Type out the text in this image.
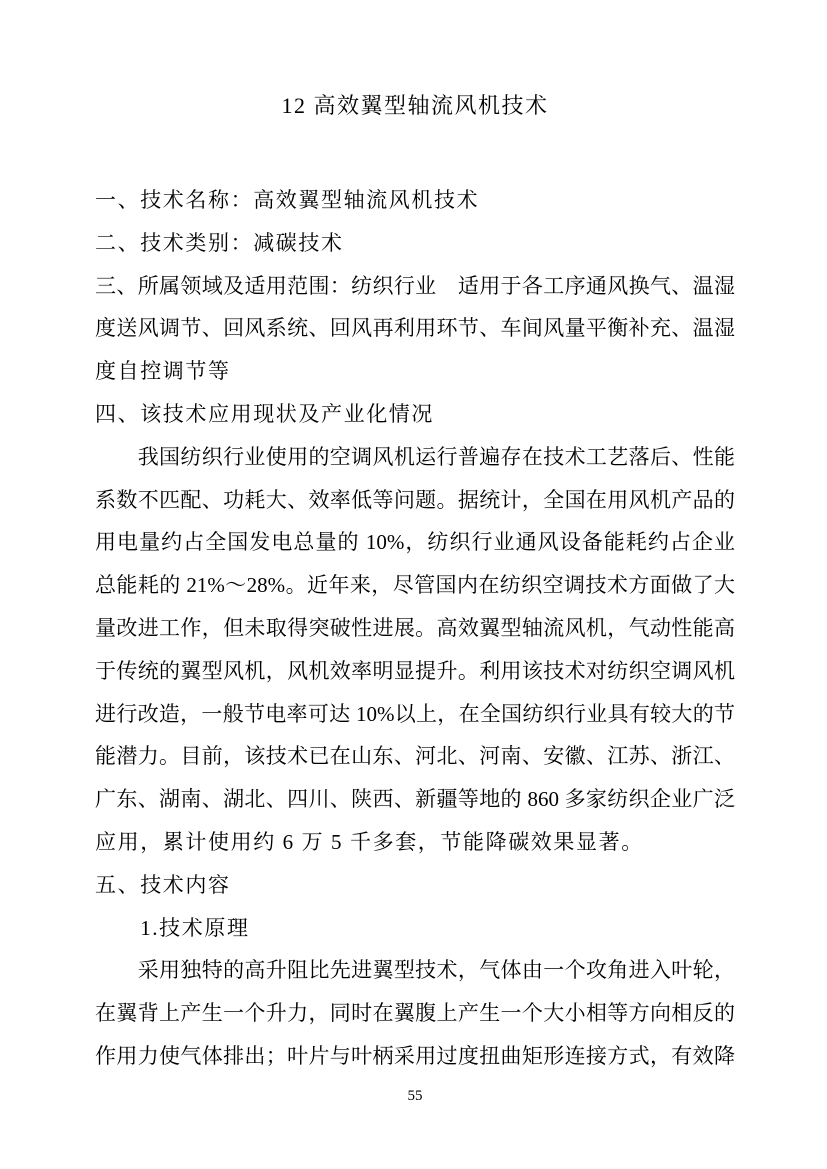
12 高效翼型轴流风机技术
一、技术名称：高效翼型轴流风机技术
二、技术类别：减碳技术
三、所属领域及适用范围：纺织行业　适用于各工序通风换气、温湿
度送风调节、回风系统、回风再利用环节、车间风量平衡补充、温湿
度自控调节等
四、该技术应用现状及产业化情况
　　我国纺织行业使用的空调风机运行普遍存在技术工艺落后、性能
系数不匹配、功耗大、效率低等问题。据统计，全国在用风机产品的
用电量约占全国发电总量的 10%，纺织行业通风设备能耗约占企业
总能耗的 21%～28%。近年来，尽管国内在纺织空调技术方面做了大
量改进工作，但未取得突破性进展。高效翼型轴流风机，气动性能高
于传统的翼型风机，风机效率明显提升。利用该技术对纺织空调风机
进行改造，一般节电率可达 10%以上，在全国纺织行业具有较大的节
能潜力。目前，该技术已在山东、河北、河南、安徽、江苏、浙江、
广东、湖南、湖北、四川、陕西、新疆等地的 860 多家纺织企业广泛
应用，累计使用约 6 万 5 千多套，节能降碳效果显著。
五、技术内容
　　1.技术原理
　　采用独特的高升阻比先进翼型技术，气体由一个攻角进入叶轮，
在翼背上产生一个升力，同时在翼腹上产生一个大小相等方向相反的
作用力使气体排出；叶片与叶柄采用过度扭曲矩形连接方式，有效降
55
